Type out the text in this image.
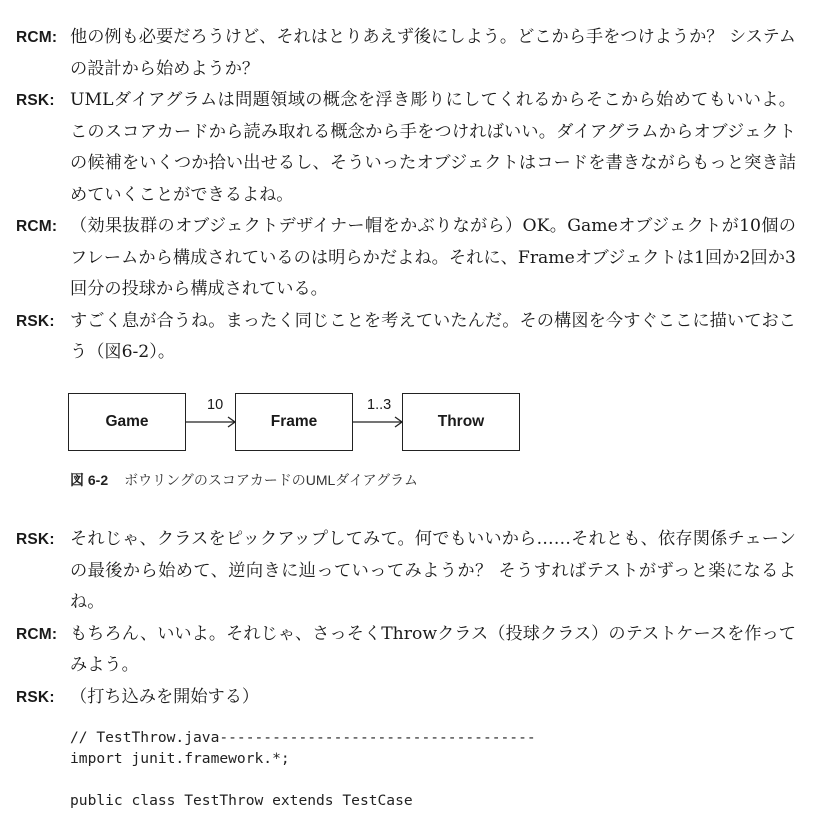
RCM: 他の例も必要だろうけど、それはとりあえず後にしよう。どこから手をつけようか？ システムの設計から始めようか？
RSK: UMLダイアグラムは問題領域の概念を浮き彫りにしてくれるからそこから始めてもいいよ。このスコアカードから読み取れる概念から手をつければいい。ダイアグラムからオブジェクトの候補をいくつか拾い出せるし、そういったオブジェクトはコードを書きながらもっと突き詰めていくことができるよね。
RCM: （効果抜群のオブジェクトデザイナー帽をかぶりながら）OK。Gameオブジェクトが10個のフレームから構成されているのは明らかだよね。それに、Frameオブジェクトは1回か2回か3回分の投球から構成されている。
RSK: すごく息が合うね。まったく同じことを考えていたんだ。その構図を今すぐここに描いておこう（図6-2）。
Game	Frame	Throw
10	1..3
図 6-2 ボウリングのスコアカードのUMLダイアグラム
RSK: それじゃ、クラスをピックアップしてみて。何でもいいから……それとも、依存関係チェーンの最後から始めて、逆向きに辿っていってみようか？ そうすればテストがずっと楽になるよね。
RCM: もちろん、いいよ。それじゃ、さっそくThrowクラス（投球クラス）のテストケースを作ってみよう。
RSK: （打ち込みを開始する）
// TestThrow.java------------------------------------
import junit.framework.*;
public class TestThrow extends TestCase
